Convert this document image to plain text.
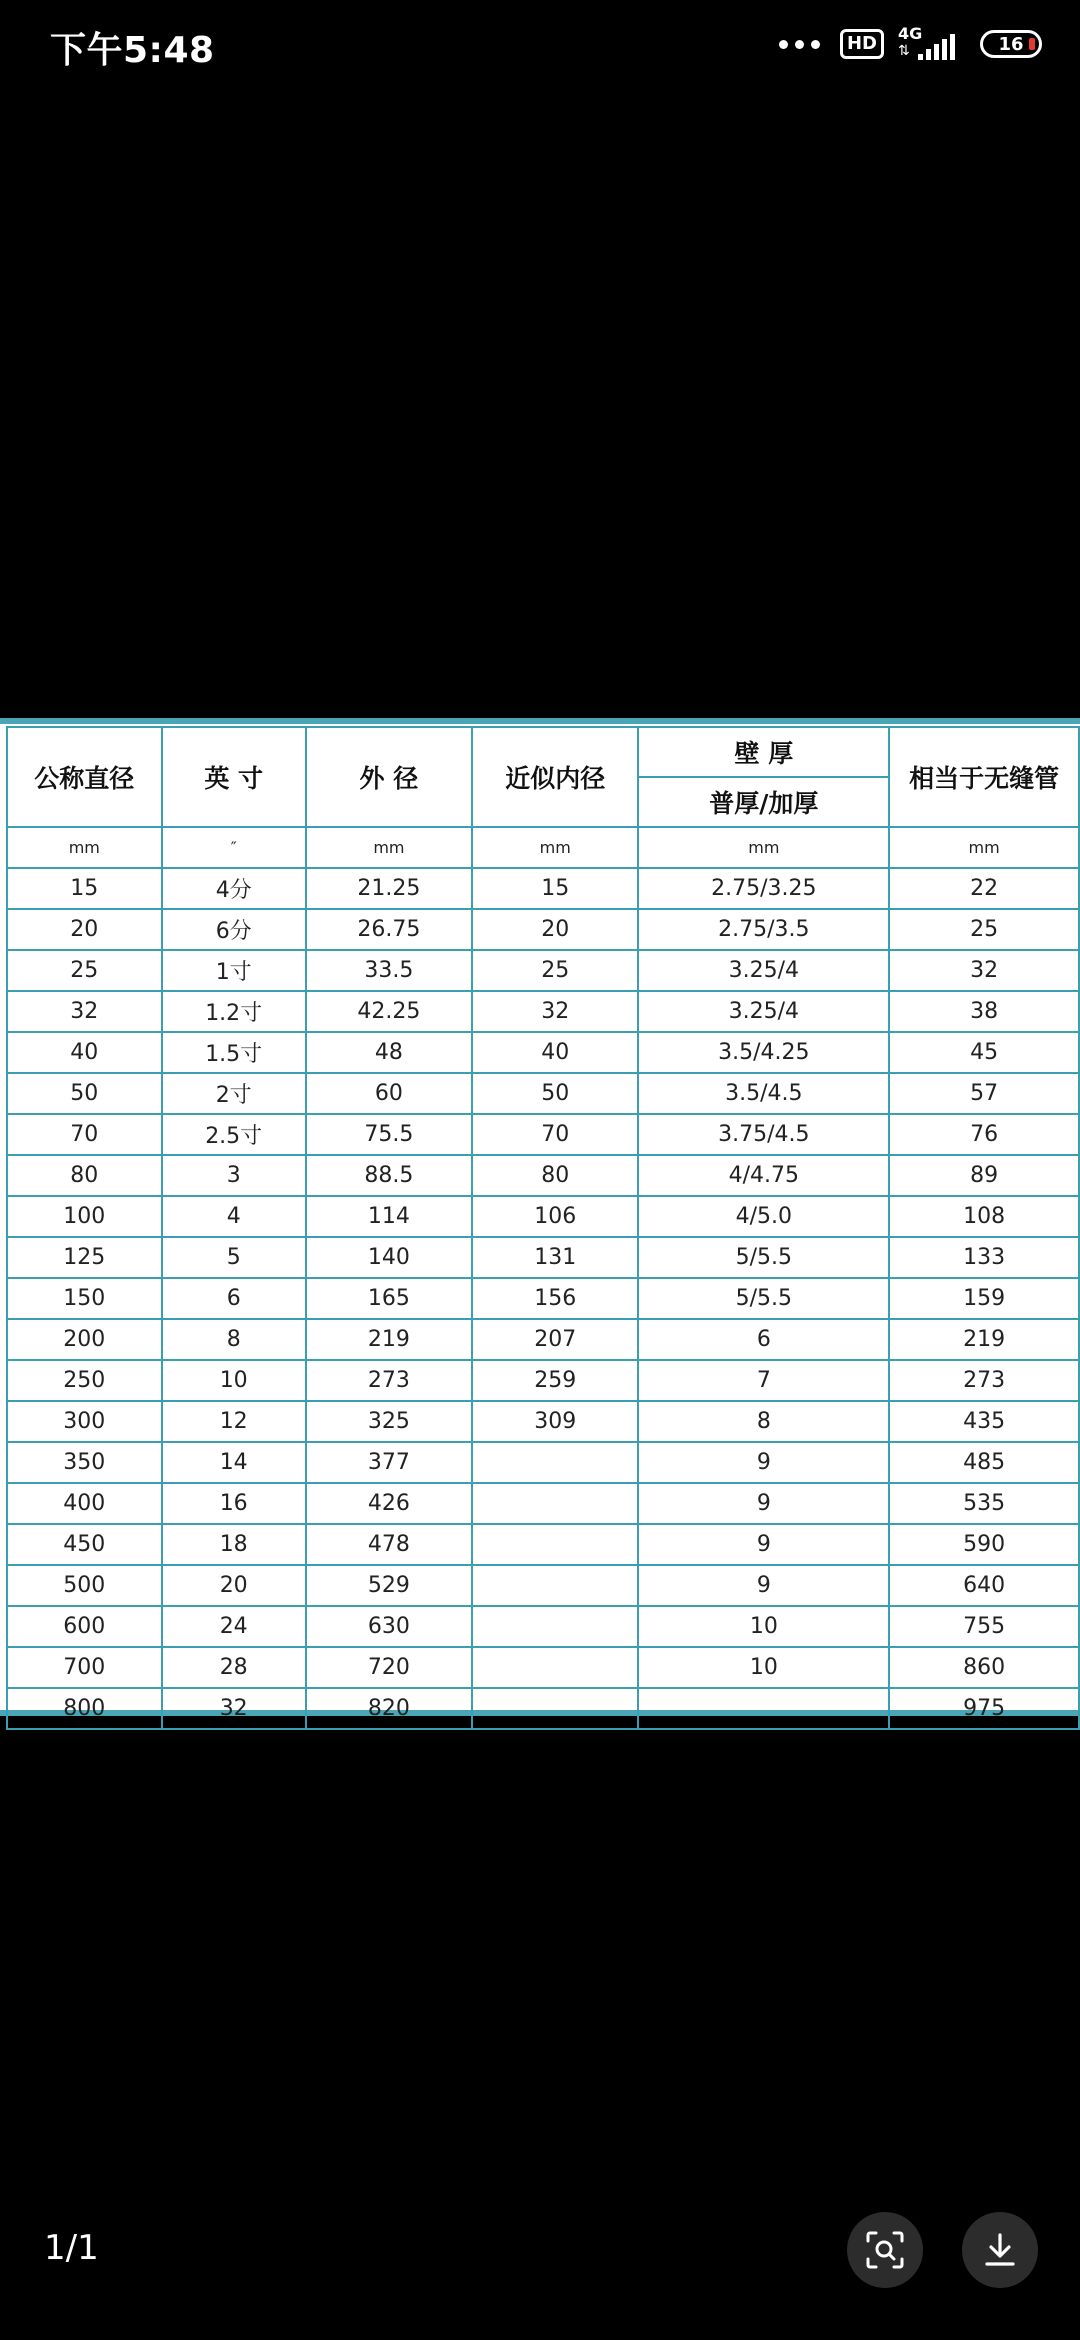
下午5:48	HD	4G
⇅	16
公称直径	英 寸	外 径	近似内径	壁 厚	相当于无缝管
				普厚/加厚	
mm	″	mm	mm	mm	mm
15	4分	21.25	15	2.75/3.25	22
20	6分	26.75	20	2.75/3.5	25
25	1寸	33.5	25	3.25/4	32
32	1.2寸	42.25	32	3.25/4	38
40	1.5寸	48	40	3.5/4.25	45
50	2寸	60	50	3.5/4.5	57
70	2.5寸	75.5	70	3.75/4.5	76
80	3	88.5	80	4/4.75	89
100	4	114	106	4/5.0	108
125	5	140	131	5/5.5	133
150	6	165	156	5/5.5	159
200	8	219	207	6	219
250	10	273	259	7	273
300	12	325	309	8	435
350	14	377		9	485
400	16	426		9	535
450	18	478		9	590
500	20	529		9	640
600	24	630		10	755
700	28	720		10	860
800	32	820			975
1/1
